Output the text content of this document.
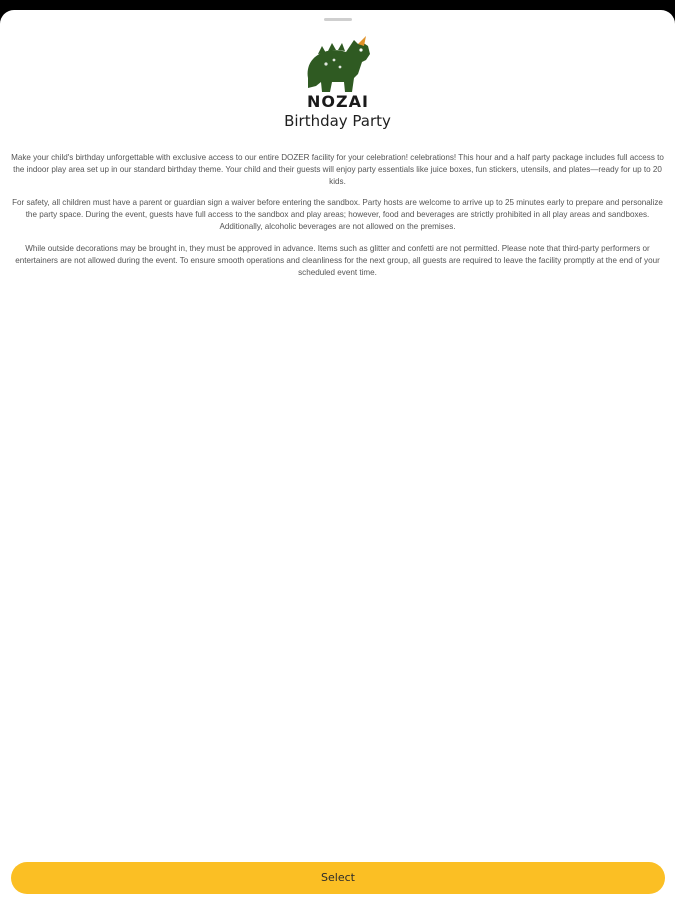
NOZAI
Birthday Party

Make your child's birthday unforgettable with exclusive access to our entire DOZER facility for your celebration! celebrations! This hour and a half party package includes full access to the indoor play area set up in our standard birthday theme. Your child and their guests will enjoy party essentials like juice boxes, fun stickers, utensils, and plates—ready for up to 20 kids.

For safety, all children must have a parent or guardian sign a waiver before entering the sandbox. Party hosts are welcome to arrive up to 25 minutes early to prepare and personalize the party space. During the event, guests have full access to the sandbox and play areas; however, food and beverages are strictly prohibited in all play areas and sandboxes. Additionally, alcoholic beverages are not allowed on the premises.

While outside decorations may be brought in, they must be approved in advance. Items such as glitter and confetti are not permitted. Please note that third-party performers or entertainers are not allowed during the event. To ensure smooth operations and cleanliness for the next group, all guests are required to leave the facility promptly at the end of your scheduled event time.

Select
